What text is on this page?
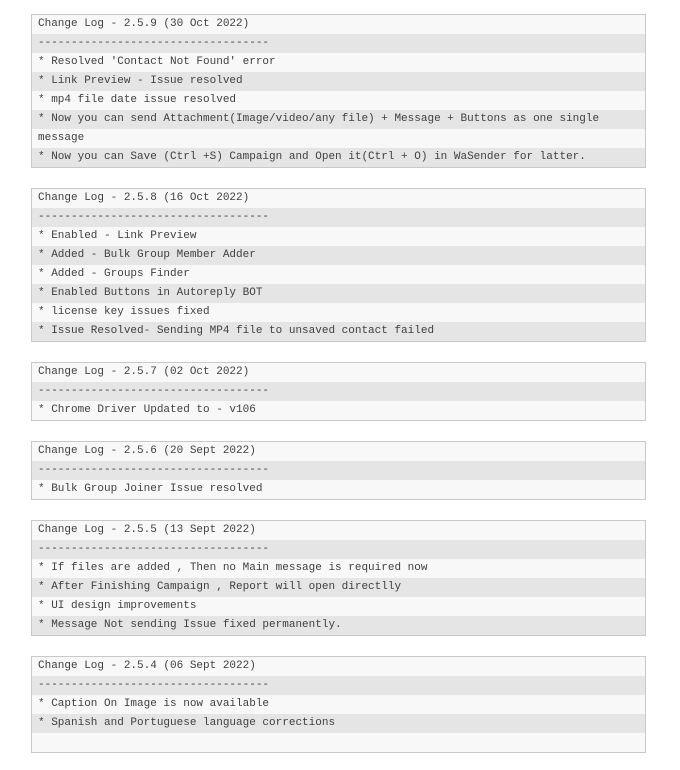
Change Log - 2.5.9 (30 Oct 2022)
-----------------------------------
* Resolved 'Contact Not Found' error
* Link Preview - Issue resolved
* mp4 file date issue resolved
* Now you can send Attachment(Image/video/any file) + Message + Buttons as one single
message
* Now you can Save (Ctrl +S) Campaign and Open it(Ctrl + O) in WaSender for latter.
Change Log - 2.5.8 (16 Oct 2022)
-----------------------------------
* Enabled - Link Preview
* Added - Bulk Group Member Adder
* Added - Groups Finder
* Enabled Buttons in Autoreply BOT
* license key issues fixed
* Issue Resolved- Sending MP4 file to unsaved contact failed
Change Log - 2.5.7 (02 Oct 2022)
-----------------------------------
* Chrome Driver Updated to - v106
Change Log - 2.5.6 (20 Sept 2022)
-----------------------------------
* Bulk Group Joiner Issue resolved
Change Log - 2.5.5 (13 Sept 2022)
-----------------------------------
* If files are added , Then no Main message is required now
* After Finishing Campaign , Report will open directlly
* UI design improvements
* Message Not sending Issue fixed permanently.
Change Log - 2.5.4 (06 Sept 2022)
-----------------------------------
* Caption On Image is now available
* Spanish and Portuguese language corrections
